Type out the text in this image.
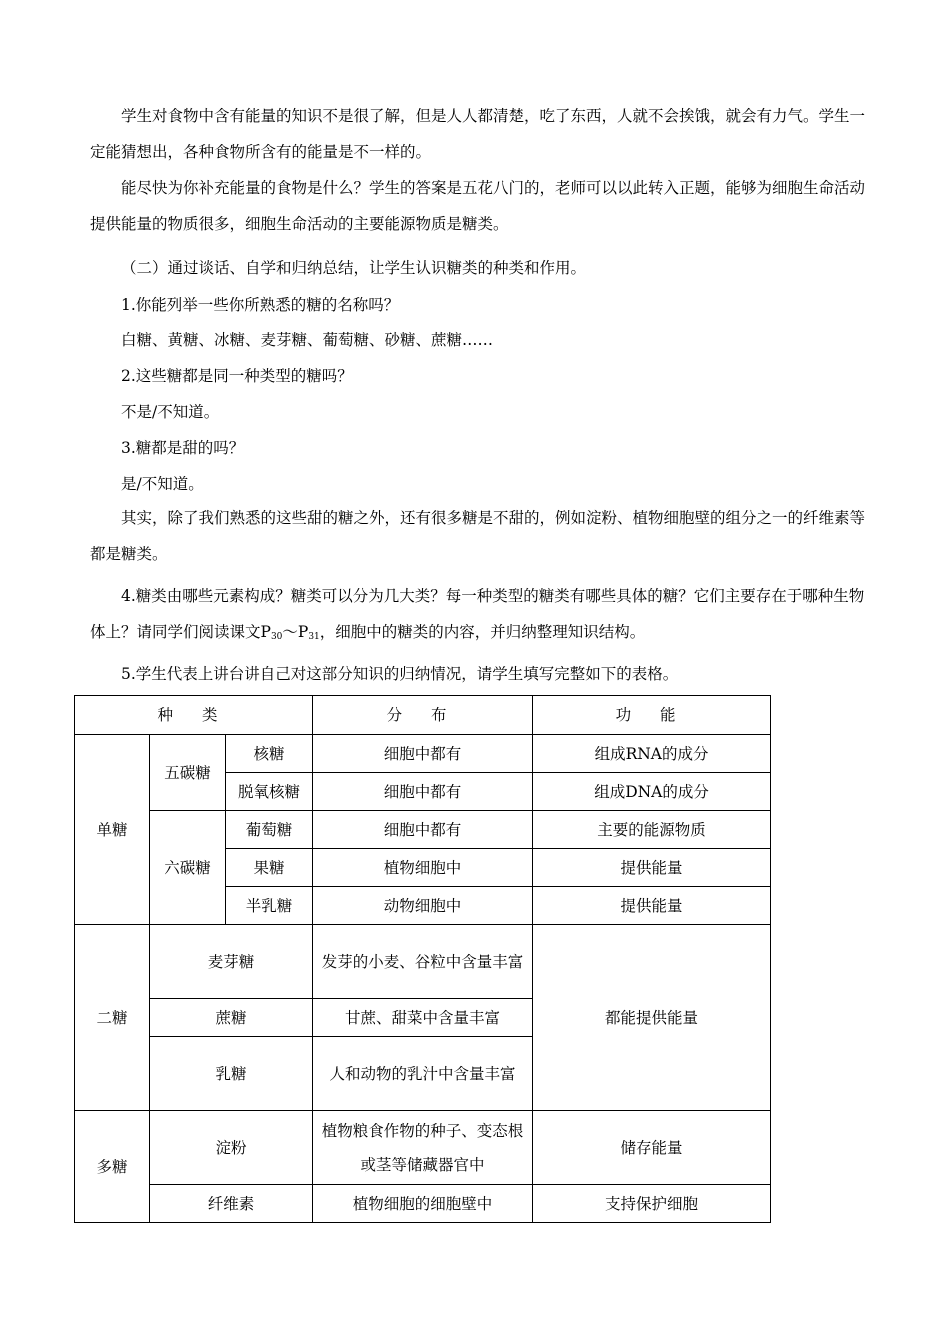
学生对食物中含有能量的知识不是很了解，但是人人都清楚，吃了东西，人就不会挨饿，就会有力气。学生一定能猜想出，各种食物所含有的能量是不一样的。

能尽快为你补充能量的食物是什么？学生的答案是五花八门的，老师可以以此转入正题，能够为细胞生命活动提供能量的物质很多，细胞生命活动的主要能源物质是糖类。

（二）通过谈话、自学和归纳总结，让学生认识糖类的种类和作用。

1.你能列举一些你所熟悉的糖的名称吗？

白糖、黄糖、冰糖、麦芽糖、葡萄糖、砂糖、蔗糖……

2.这些糖都是同一种类型的糖吗？

不是/不知道。

3.糖都是甜的吗？

是/不知道。

其实，除了我们熟悉的这些甜的糖之外，还有很多糖是不甜的，例如淀粉、植物细胞壁的组分之一的纤维素等都是糖类。

4.糖类由哪些元素构成？糖类可以分为几大类？每一种类型的糖类有哪些具体的糖？它们主要存在于哪种生物体上？请同学们阅读课文$P_{30}\sim P_{31}$，细胞中的糖类的内容，并归纳整理知识结构。

5.学生代表上讲台讲自己对这部分知识的归纳情况，请学生填写完整如下的表格。

种 类			分 布	功 能
单糖	五碳糖	核糖	细胞中都有	组成RNA的成分
		脱氧核糖	细胞中都有	组成DNA的成分
	六碳糖	葡萄糖	细胞中都有	主要的能源物质
		果糖	植物细胞中	提供能量
		半乳糖	动物细胞中	提供能量
二糖	麦芽糖		发芽的小麦、谷粒中含量丰富	都能提供能量
	蔗糖		甘蔗、甜菜中含量丰富	
	乳糖		人和动物的乳汁中含量丰富	
多糖	淀粉		植物粮食作物的种子、变态根或茎等储藏器官中	储存能量
	纤维素		植物细胞的细胞壁中	支持保护细胞
